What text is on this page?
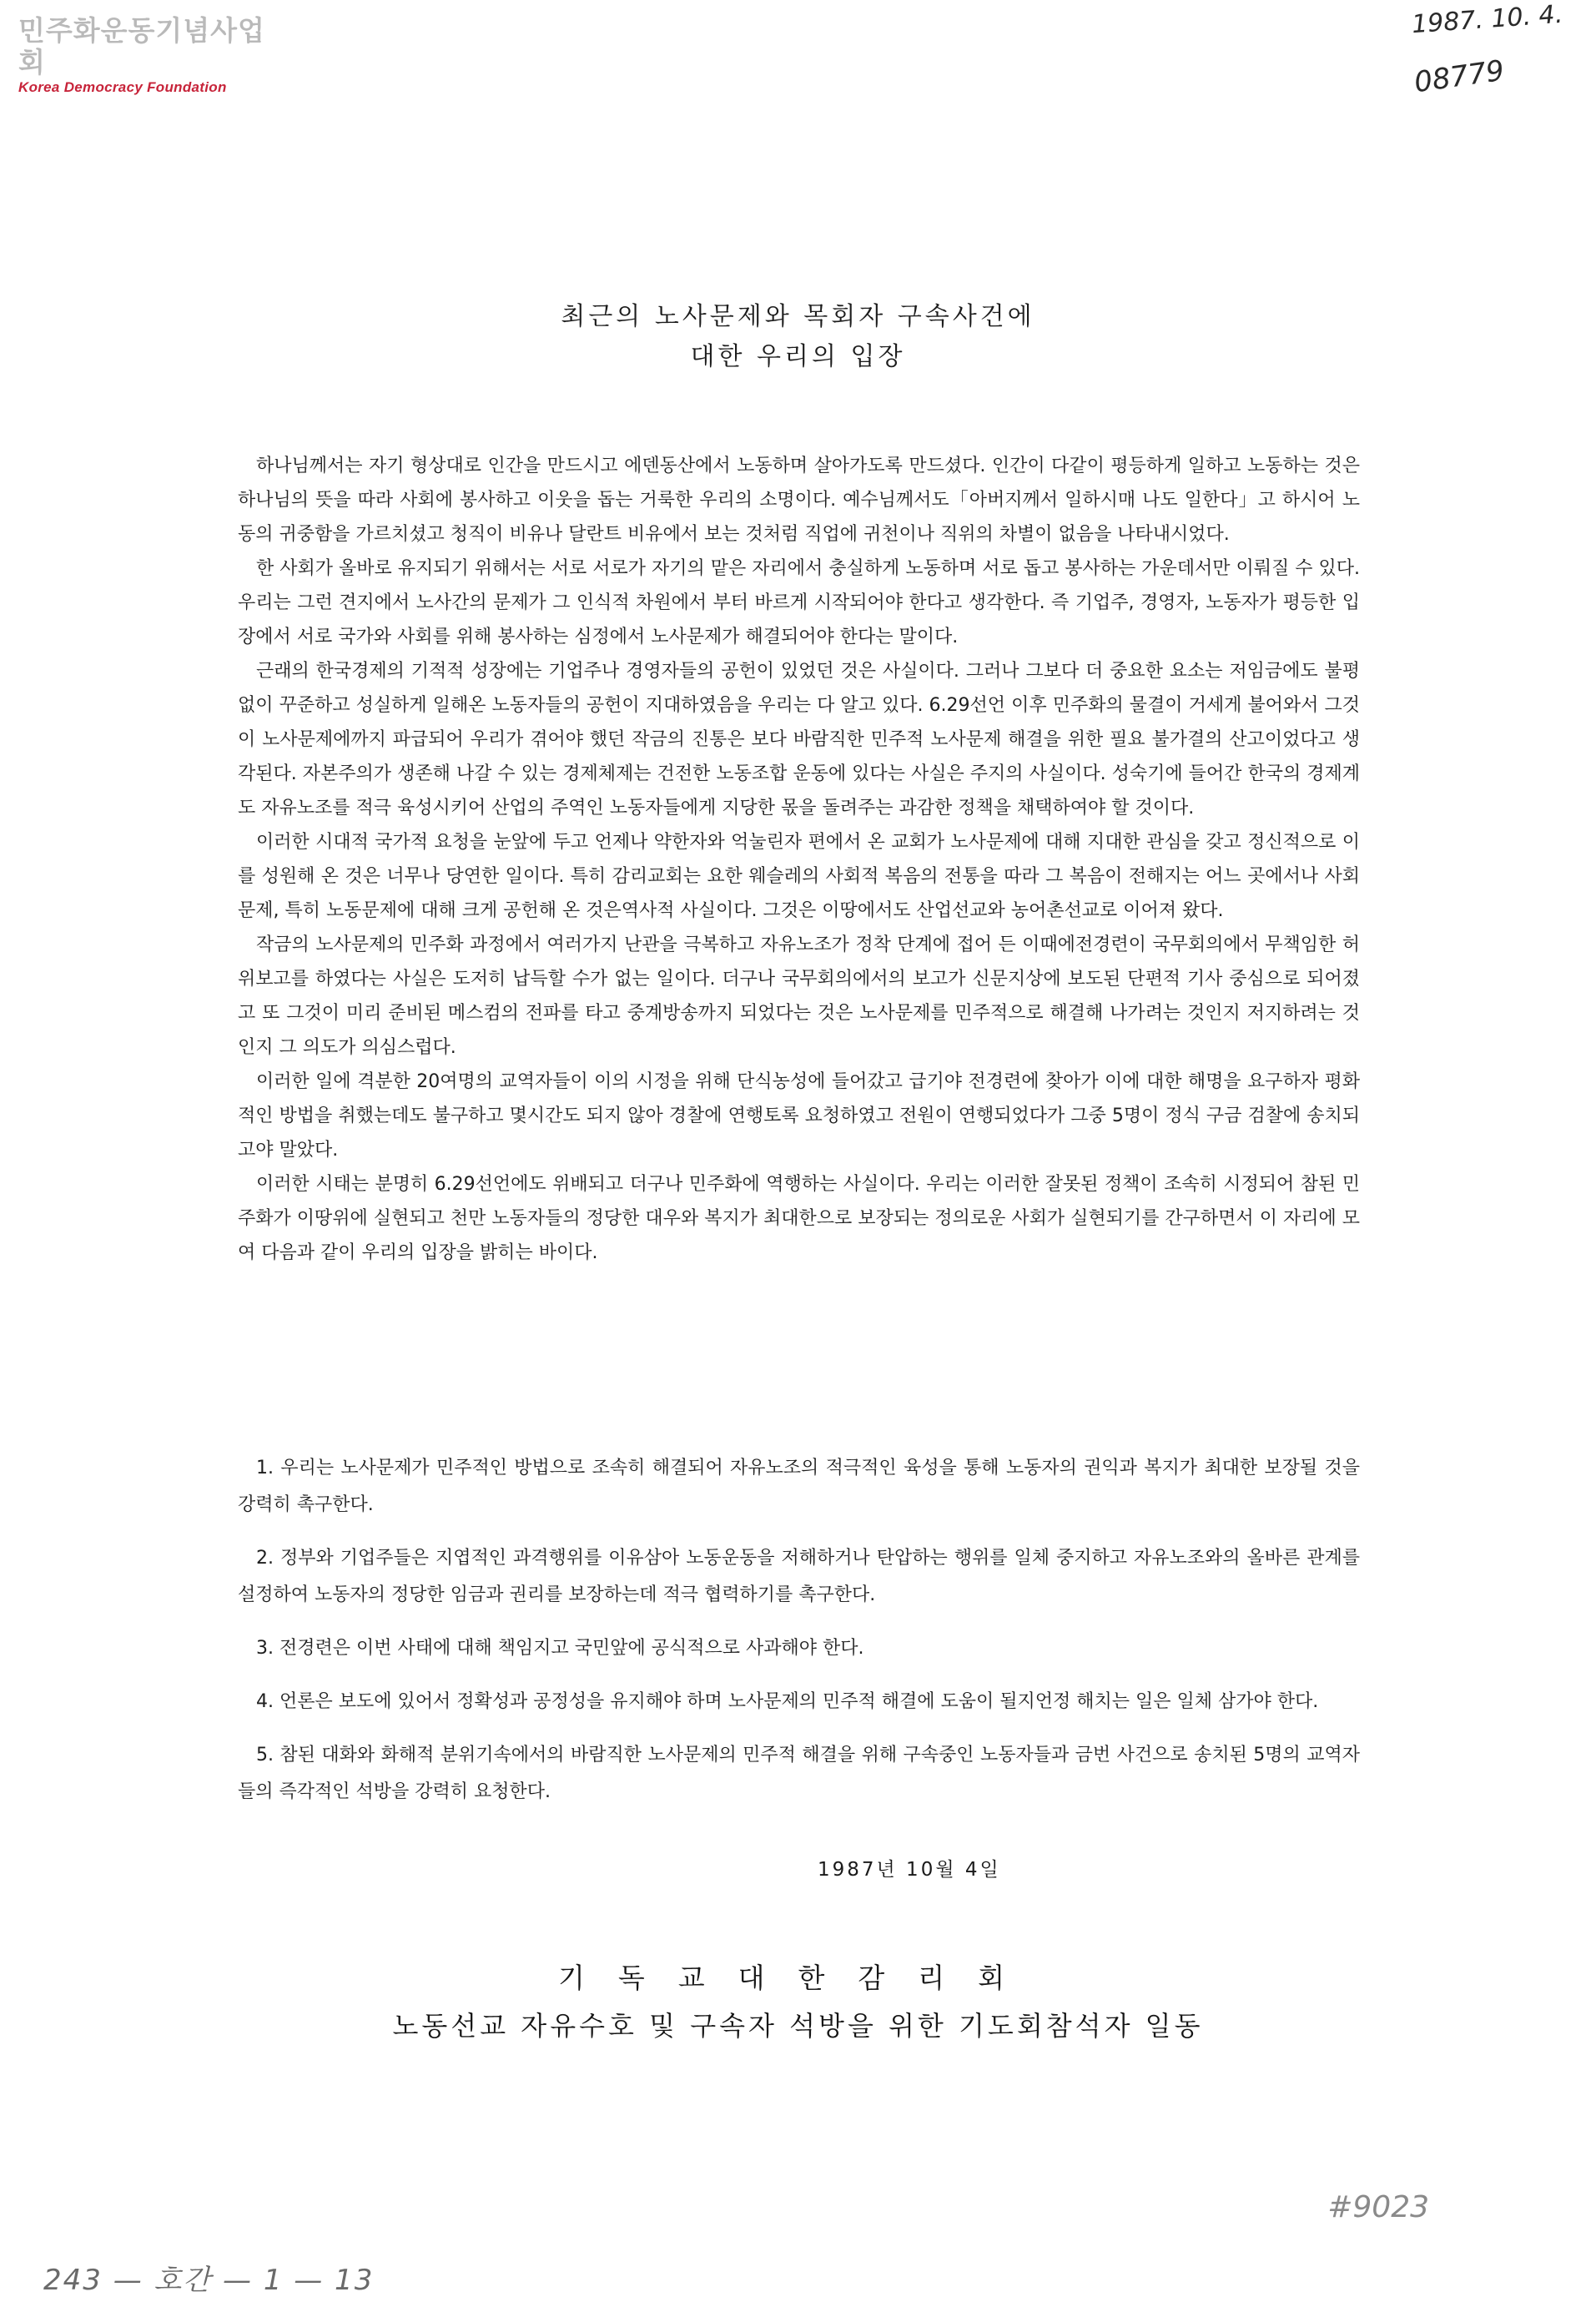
민주화운동기념사업회
Korea Democracy Foundation
1987. 10. 4.
08779
최근의 노사문제와 목회자 구속사건에
대한 우리의 입장

하나님께서는 자기 형상대로 인간을 만드시고 에덴동산에서 노동하며 살아가도록 만드셨다. 인간이 다같이 평등하게 일하고 노동하는 것은 하나님의 뜻을 따라 사회에 봉사하고 이웃을 돕는 거룩한 우리의 소명이다. 예수님께서도「아버지께서 일하시매 나도 일한다」고 하시어 노동의 귀중함을 가르치셨고 청직이 비유나 달란트 비유에서 보는 것처럼 직업에 귀천이나 직위의 차별이 없음을 나타내시었다.

한 사회가 올바로 유지되기 위해서는 서로 서로가 자기의 맡은 자리에서 충실하게 노동하며 서로 돕고 봉사하는 가운데서만 이뤄질 수 있다. 우리는 그런 견지에서 노사간의 문제가 그 인식적 차원에서 부터 바르게 시작되어야 한다고 생각한다. 즉 기업주, 경영자, 노동자가 평등한 입장에서 서로 국가와 사회를 위해 봉사하는 심정에서 노사문제가 해결되어야 한다는 말이다.

근래의 한국경제의 기적적 성장에는 기업주나 경영자들의 공헌이 있었던 것은 사실이다. 그러나 그보다 더 중요한 요소는 저임금에도 불평없이 꾸준하고 성실하게 일해온 노동자들의 공헌이 지대하였음을 우리는 다 알고 있다. 6.29선언 이후 민주화의 물결이 거세게 불어와서 그것이 노사문제에까지 파급되어 우리가 겪어야 했던 작금의 진통은 보다 바람직한 민주적 노사문제 해결을 위한 필요 불가결의 산고이었다고 생각된다. 자본주의가 생존해 나갈 수 있는 경제체제는 건전한 노동조합 운동에 있다는 사실은 주지의 사실이다. 성숙기에 들어간 한국의 경제계도 자유노조를 적극 육성시키어 산업의 주역인 노동자들에게 지당한 몫을 돌려주는 과감한 정책을 채택하여야 할 것이다.

이러한 시대적 국가적 요청을 눈앞에 두고 언제나 약한자와 억눌린자 편에서 온 교회가 노사문제에 대해 지대한 관심을 갖고 정신적으로 이를 성원해 온 것은 너무나 당연한 일이다. 특히 감리교회는 요한 웨슬레의 사회적 복음의 전통을 따라 그 복음이 전해지는 어느 곳에서나 사회문제, 특히 노동문제에 대해 크게 공헌해 온 것은역사적 사실이다. 그것은 이땅에서도 산업선교와 농어촌선교로 이어져 왔다.

작금의 노사문제의 민주화 과정에서 여러가지 난관을 극복하고 자유노조가 정착 단계에 접어 든 이때에전경련이 국무회의에서 무책임한 허위보고를 하였다는 사실은 도저히 납득할 수가 없는 일이다. 더구나 국무회의에서의 보고가 신문지상에 보도된 단편적 기사 중심으로 되어졌고 또 그것이 미리 준비된 메스컴의 전파를 타고 중계방송까지 되었다는 것은 노사문제를 민주적으로 해결해 나가려는 것인지 저지하려는 것인지 그 의도가 의심스럽다.

이러한 일에 격분한 20여명의 교역자들이 이의 시정을 위해 단식농성에 들어갔고 급기야 전경련에 찾아가 이에 대한 해명을 요구하자 평화적인 방법을 취했는데도 불구하고 몇시간도 되지 않아 경찰에 연행토록 요청하였고 전원이 연행되었다가 그중 5명이 정식 구금 검찰에 송치되고야 말았다.

이러한 시태는 분명히 6.29선언에도 위배되고 더구나 민주화에 역행하는 사실이다. 우리는 이러한 잘못된 정책이 조속히 시정되어 참된 민주화가 이땅위에 실현되고 천만 노동자들의 정당한 대우와 복지가 최대한으로 보장되는 정의로운 사회가 실현되기를 간구하면서 이 자리에 모여 다음과 같이 우리의 입장을 밝히는 바이다.

1. 우리는 노사문제가 민주적인 방법으로 조속히 해결되어 자유노조의 적극적인 육성을 통해 노동자의 권익과 복지가 최대한 보장될 것을 강력히 촉구한다.

2. 정부와 기업주들은 지엽적인 과격행위를 이유삼아 노동운동을 저해하거나 탄압하는 행위를 일체 중지하고 자유노조와의 올바른 관계를 설정하여 노동자의 정당한 임금과 권리를 보장하는데 적극 협력하기를 촉구한다.

3. 전경련은 이번 사태에 대해 책임지고 국민앞에 공식적으로 사과해야 한다.

4. 언론은 보도에 있어서 정확성과 공정성을 유지해야 하며 노사문제의 민주적 해결에 도움이 될지언정 해치는 일은 일체 삼가야 한다.

5. 참된 대화와 화해적 분위기속에서의 바람직한 노사문제의 민주적 해결을 위해 구속중인 노동자들과 금번 사건으로 송치된 5명의 교역자들의 즉각적인 석방을 강력히 요청한다.

1987년 10월 4일
기독교대한감리회
노동선교 자유수호 및 구속자 석방을 위한 기도회참석자 일동
#9023
243 — 호간 — 1 — 13
